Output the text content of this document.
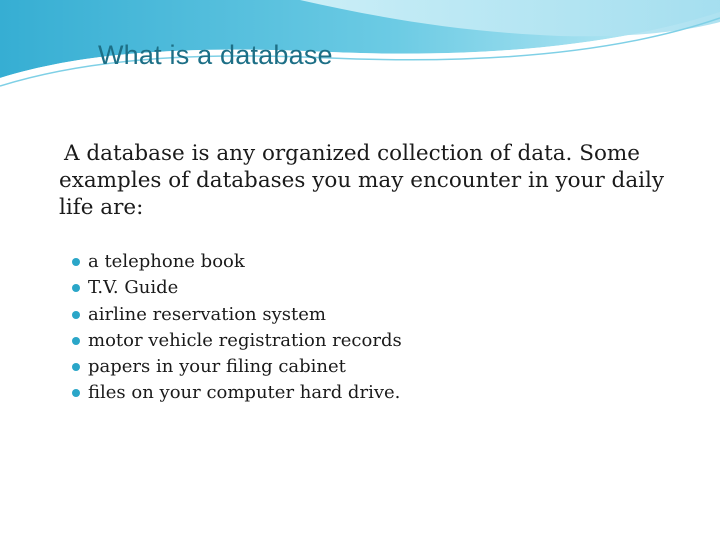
What is a database
A database is any organized collection of data. Some examples of databases you may encounter in your daily life are:
a telephone book
T.V. Guide
airline reservation system
motor vehicle registration records
papers in your filing cabinet
files on your computer hard drive.
